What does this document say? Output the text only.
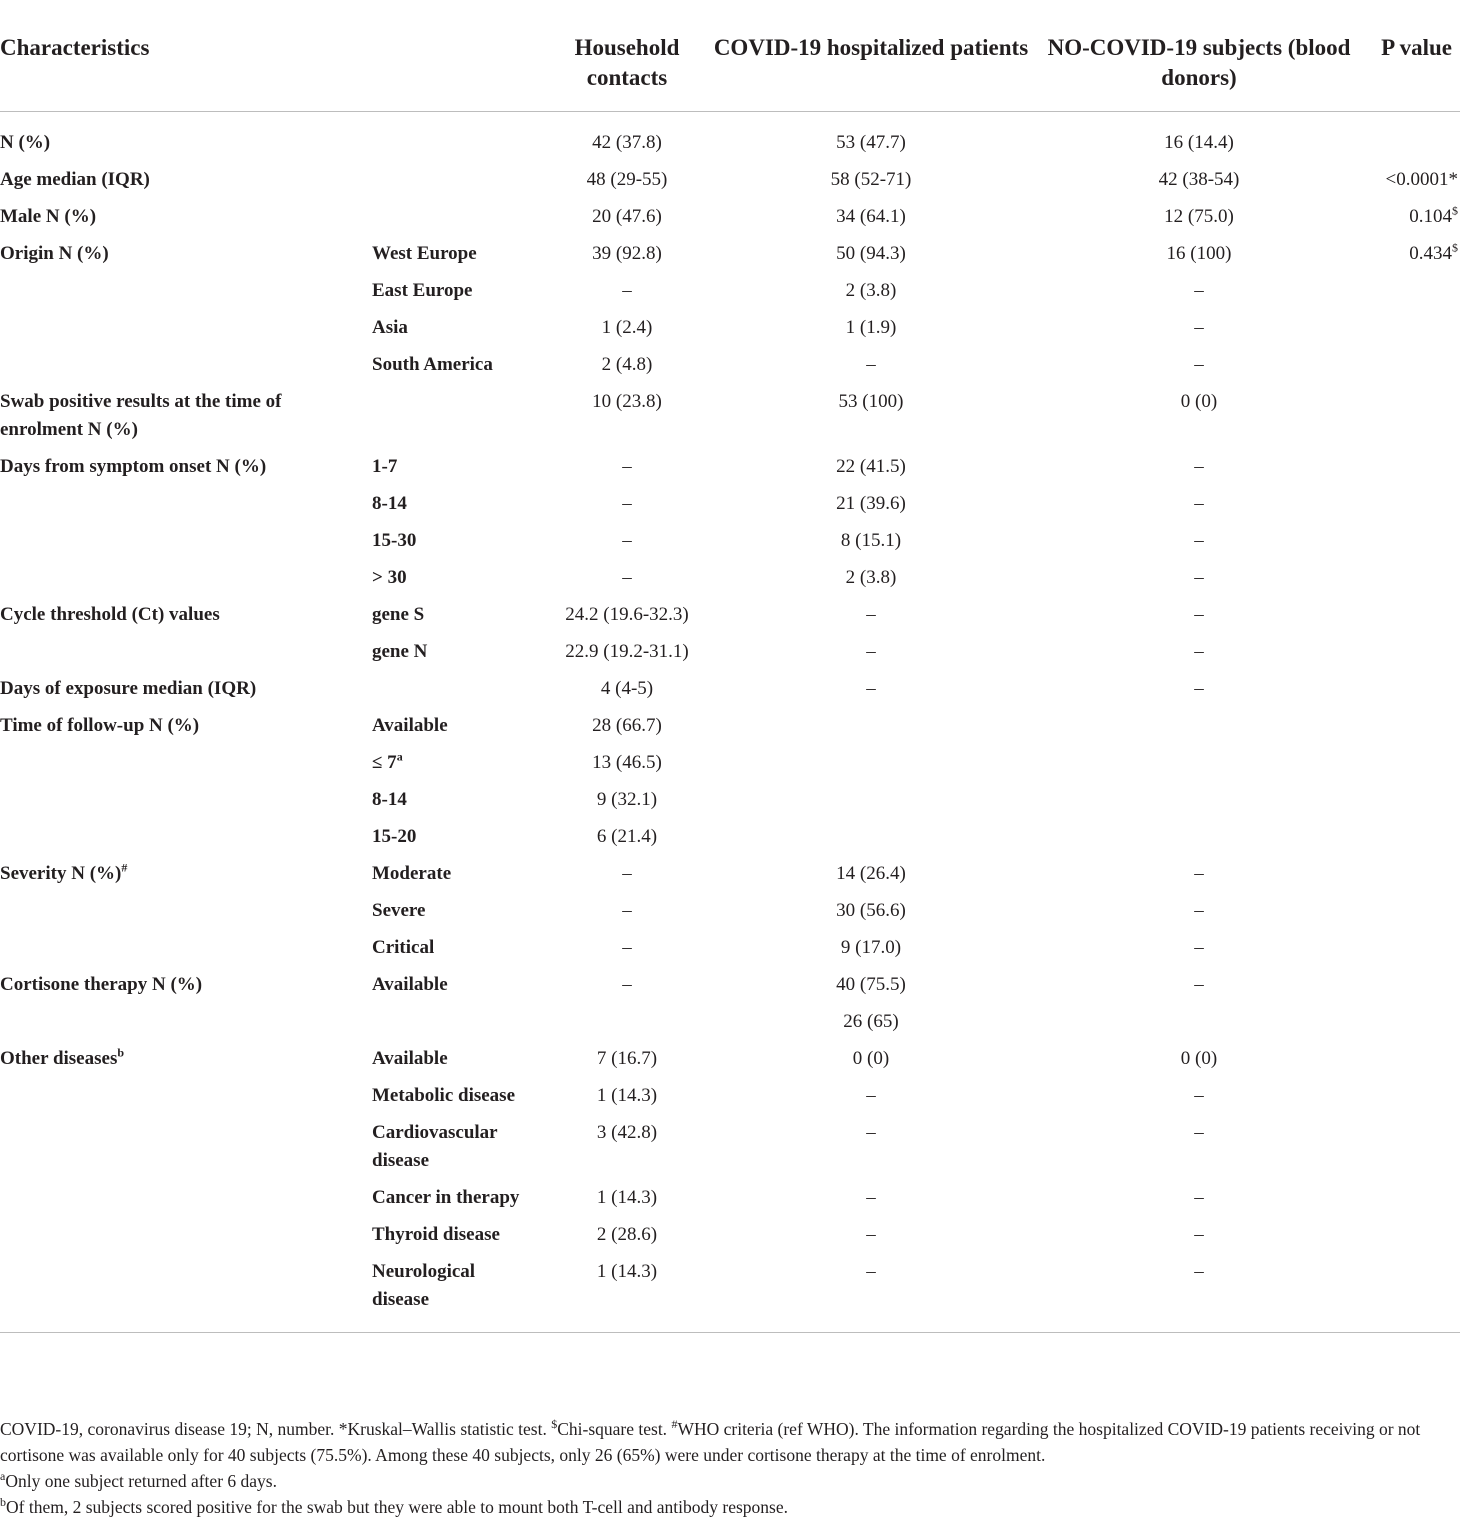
Characteristics		Household contacts	COVID-19 hospitalized patients	NO-COVID-19 subjects (blood donors)	P value
N (%)		42 (37.8)	53 (47.7)	16 (14.4)	
Age median (IQR)		48 (29-55)	58 (52-71)	42 (38-54)	<0.0001*
Male N (%)		20 (47.6)	34 (64.1)	12 (75.0)	0.104$
Origin N (%)	West Europe	39 (92.8)	50 (94.3)	16 (100)	0.434$
	East Europe	–	2 (3.8)	–	
	Asia	1 (2.4)	1 (1.9)	–	
	South America	2 (4.8)	–	–	
Swab positive results at the time of enrolment N (%)		10 (23.8)	53 (100)	0 (0)	
Days from symptom onset N (%)	1-7	–	22 (41.5)	–	
	8-14	–	21 (39.6)	–	
	15-30	–	8 (15.1)	–	
	> 30	–	2 (3.8)	–	
Cycle threshold (Ct) values	gene S	24.2 (19.6-32.3)	–	–	
	gene N	22.9 (19.2-31.1)	–	–	
Days of exposure median (IQR)		4 (4-5)	–	–	
Time of follow-up N (%)	Available	28 (66.7)			
	≤ $7^a$	13 (46.5)			
	8-14	9 (32.1)			
	15-20	6 (21.4)			
Severity N (%)#	Moderate	–	14 (26.4)	–	
	Severe	–	30 (56.6)	–	
	Critical	–	9 (17.0)	–	
Cortisone therapy N (%)	Available	–	40 (75.5)	–	
			26 (65)		
Other diseases$^b$	Available	7 (16.7)	0 (0)	0 (0)	
	Metabolic disease	1 (14.3)	–	–	
	Cardiovascular disease	3 (42.8)	–	–	
	Cancer in therapy	1 (14.3)	–	–	
	Thyroid disease	2 (28.6)	–	–	
	Neurological disease	1 (14.3)	–	–	

COVID-19, coronavirus disease 19; N, number. *Kruskal–Wallis statistic test. $Chi-square test. #WHO criteria (ref WHO). The information regarding the hospitalized COVID-19 patients receiving or not cortisone was available only for 40 subjects (75.5%). Among these 40 subjects, only 26 (65%) were under cortisone therapy at the time of enrolment.

$^a$Only one subject returned after 6 days.

$^b$Of them, 2 subjects scored positive for the swab but they were able to mount both T-cell and antibody response.
